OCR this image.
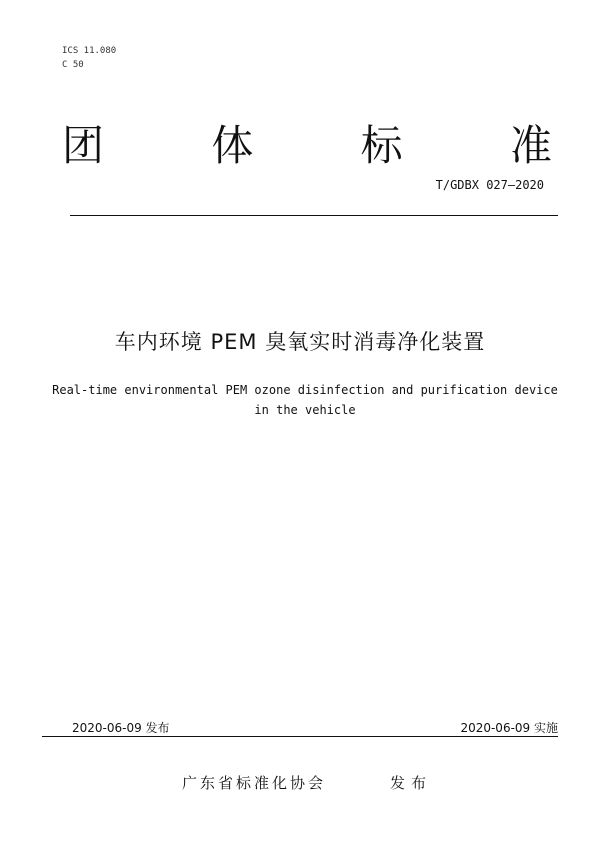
ICS 11.080
C 50
团	体	标	准
T/GDBX 027—2020
车内环境 PEM 臭氧实时消毒净化装置
Real-time environmental PEM ozone disinfection and purification device
in the vehicle
2020-06-09 发布	2020-06-09 实施
广东省标准化协会	发布
